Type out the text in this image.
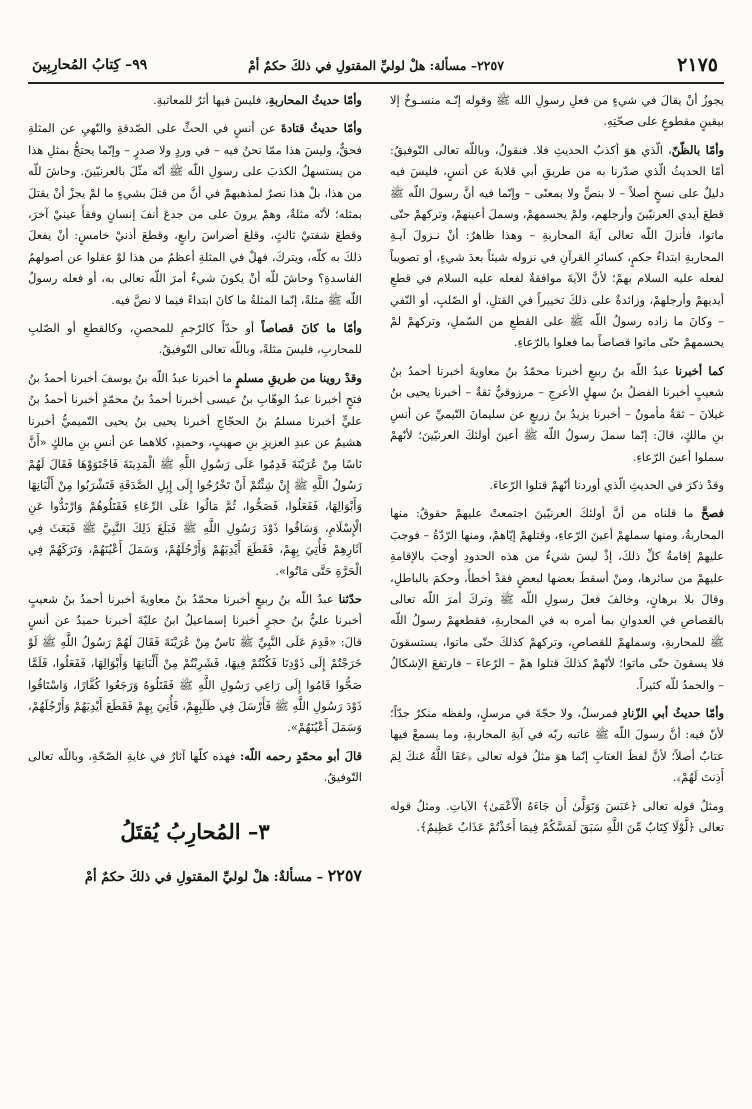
٢١٧٥
٢٢٥٧– مسألة: هلْ لوليِّ المقتولِ في ذلكَ حكمٌ أمْ
٩٩– كِتابُ المُحارِبِينَ

يجوزُ أنْ يقالَ في شيءٍ من فعلِ رسولِ الله ﷺ وقوله إنّـه منسـوخٌ إلا بيقينٍ مقطوعٍ على صحّتِهِ.

وأمّا بالظّنّ، الّذي هوَ أكذبُ الحديثِ فلا. فنقولُ، وباللّه تعالى التّوفيقُ: أمّا الحديثُ الّذي صدّرنا به من طريقِ أبي قلابةَ عن أنسٍ، فليسَ فيه دليلٌ على نسخٍ أصلاً – لا بنصٍّ ولا بمعنًى – وإنّما فيه أنَّ رسولَ اللّه ﷺ قطعَ أيدي العرنيّينَ وأرجلهم، ولمْ يحسمهمْ، وسملَ أعينهمْ، وتركهمْ حتّى ماتوا، فأنزلَ اللّه تعالى آيةَ المحاربةِ – وهذا ظاهرٌ: أنْ نـزولَ آيـةِ المحاربةِ ابتداءُ حكمٍ، كسائرِ القرآنِ في نزوله شيئاً بعدَ شيءٍ، أو تصويباً لفعله عليه السلام بهمْ؛ لأنَّ الآيةَ موافقةٌ لفعله عليه السلام في قطعِ أيديهمْ وأرجلهمْ، وزائدةٌ على ذلكَ تخييراً في القتلِ، أو الصّلبِ، أو النّفي – وكانَ ما زاده رسولُ اللّه ﷺ على القطعِ من السّملِ، وتركهمْ لمْ يحسمهمْ حتّى ماتوا قصاصاً بما فعلوا بالرّعاءِ.

كما أخبرنا عبدُ اللّه بنُ ربيعٍ أخبرنا محمّدُ بنُ معاويةَ أخبرنا أحمدُ بنُ شعيبٍ أخبرنا الفضلُ بنُ سهلٍ الأعرجِ – مرزوقيٌّ ثقةٌ – أخبرنا يحيى بنُ غيلانَ – ثقةٌ مأمونٌ – أخبرنا يزيدُ بنُ زريعٍ عن سليمانَ التّيميِّ عن أنسِ بنِ مالكٍ، قالَ: إنّما سملَ رسولُ اللّه ﷺ أعينَ أولئكَ العرنيّينَ؛ لأنّهمْ سملوا أعينَ الرّعاءِ.

وقدْ ذكرَ في الحديثِ الّذي أوردنا أنّهمْ قتلوا الرّعاءَ.

فصحَّ ما قلناه من أنَّ أولئكَ العرنيّينَ اجتمعتْ عليهمْ حقوقٌ: منها المحاربةُ، ومنها سملهمْ أعينَ الرّعاءِ، وقتلهمْ إيّاهمْ، ومنها الرّدّةُ – فوجبَ عليهمْ إقامةُ كلِّ ذلكَ، إذْ ليسَ شيءٌ من هذه الحدودِ أوجبَ بالإقامةِ عليهمْ من سائرها، ومنْ أسقطَ بعضها لبعضٍ فقدْ أخطأَ، وحكمَ بالباطلِ، وقالَ بلا برهانٍ، وخالفَ فعلَ رسولِ اللّه ﷺ وتركَ أمرَ اللّه تعالى بالقصاصِ في العدوانِ بما أمره به في المحاربةِ، فقطعهمْ رسولُ اللّه ﷺ للمحاربةِ، وسملهمْ للقصاصِ، وتركهمْ كذلكَ حتّى ماتوا، يستسقونَ فلا يسقونَ حتّى ماتوا؛ لأنّهمْ كذلكَ قتلوا همْ – الرّعاءَ – فارتفعَ الإشكالُ – والحمدُ للّه كثيراً.

وأمّا حديثُ أبي الزّنادِ فمرسلٌ، ولا حجّةَ في مرسلٍ، ولفظه منكرٌ جدّاً؛ لأنّ فيه: أنَّ رسولَ اللّه ﷺ عاتبه ربّه في آيةِ المحاربةِ، وما يسمعْ فيها عتابٌ أصلاً؛ لأنَّ لفظَ العتابِ إنّما هوَ مثلُ قوله تعالى ﴿عَفَا اللَّهُ عَنكَ لِمَ أَذِنتَ لَهُمْ﴾.

ومثلُ قوله تعالى ﴿عَبَسَ وَتَوَلَّىٰ أَن جَاءَهُ الْأَعْمَىٰ﴾ الآياتِ. ومثلُ قوله تعالى ﴿لَّوْلَا كِتَابٌ مِّنَ اللَّهِ سَبَقَ لَمَسَّكُمْ فِيمَا أَخَذْتُمْ عَذَابٌ عَظِيمٌ﴾.

وأمّا حديثُ المحاربةِ، فليسَ فيها أثرٌ للمعاتبةِ.

وأمّا حديثُ قتادةَ عن أنسٍ في الحثِّ على الصّدقةِ والنّهيِ عن المثلةِ فحقٌّ، وليسَ هذا ممّا نحنُ فيه – في وردٍ ولا صدرٍ – وإنّما يحتجُّ بمثلِ هذا من يستسهلُ الكذبَ على رسولِ اللّه ﷺ أنّه مثّلَ بالعرنيّينَ. وحاشَ للّه من هذا، بلْ هذا نصرٌ لمذهبهمْ في أنَّ من قتلَ بشيءٍ ما لمْ يجزْ أنْ يقتلَ بمثله؛ لأنّه مثلةٌ، وهمْ يرونَ على من جدعَ أنفَ إنسانٍ وفقأَ عينيْ آخرَ، وقطعَ شفتيْ ثالثٍ، وقلعَ أضراسَ رابعٍ، وقطعَ أذنيْ خامسٍ: أنْ يفعلَ ذلكَ به كلّه، ويتركَ، فهلْ في المثلةِ أعظمُ من هذا لوْ عقلوا عن أصولهمُ الفاسدةِ؟ وحاشَ للّه أنْ يكونَ شيءٌ أمرَ اللّه تعالى به، أو فعله رسولُ اللّه ﷺ مثلةً، إنّما المثلةُ ما كانَ ابتداءً فيما لا نصَّ فيه.

وأمّا ما كانَ قصاصاً أو حدّاً كالرّجمِ للمحصنِ، وكالقطعِ أو الصّلبِ للمحاربِ، فليسَ مثلةً، وباللّه تعالى التّوفيقُ.

وقدْ روينا من طريقِ مسلمٍ ما أخبرنا عبدُ اللّه بنُ يوسفَ أخبرنا أحمدُ بنُ فتحٍ أخبرنا عبدُ الوهّابِ بنُ عيسى أخبرنا أحمدُ بنُ محمّدٍ أخبرنا أحمدُ بنُ عليٍّ أخبرنا مسلمُ بنُ الحجّاجِ أخبرنا يحيى بنُ يحيى التّميميُّ أخبرنا هشيمٌ عن عبدِ العزيزِ بنِ صهيبٍ، وحميدٍ، كلاهما عن أنسِ بنِ مالكٍ «أَنَّ نَاسًا مِنْ عُرَيْنَةَ قَدِمُوا عَلَى رَسُولِ اللَّهِ ﷺ الْمَدِينَةَ فَاجْتَوَوْهَا فَقَالَ لَهُمْ رَسُولُ اللَّهِ ﷺ إِنْ شِئْتُمْ أَنْ تَخْرُجُوا إِلَى إِبِلِ الصَّدَقَةِ فَتَشْرَبُوا مِنْ أَلْبَانِهَا وَأَبْوَالِهَا، فَفَعَلُوا، فَصَحُّوا، ثُمَّ مَالُوا عَلَى الرِّعَاءِ فَقَتَلُوهُمْ وَارْتَدُّوا عَنِ الْإِسْلَامِ، وَسَاقُوا ذَوْدَ رَسُولِ اللَّهِ ﷺ فَبَلَغَ ذَلِكَ النَّبِيَّ ﷺ فَبَعَثَ فِي آثَارِهِمْ فَأُتِيَ بِهِمْ، فَقَطَعَ أَيْدِيَهُمْ وَأَرْجُلَهُمْ، وَسَمَلَ أَعْيُنَهُمْ، وَتَرَكَهُمْ فِي الْحَرَّةِ حَتَّى مَاتُوا».

حدّثنا عبدُ اللّه بنُ ربيعٍ أخبرنا محمّدُ بنُ معاويةَ أخبرنا أحمدُ بنُ شعيبٍ أخبرنا عليُّ بنُ حجرٍ أخبرنا إسماعيلُ ابنُ عليّةَ أخبرنا حميدٌ عن أنسٍ قالَ: «قَدِمَ عَلَى النَّبِيِّ ﷺ نَاسٌ مِنْ عُرَيْنَةَ فَقَالَ لَهُمْ رَسُولُ اللَّهِ ﷺ لَوْ خَرَجْتُمْ إِلَى ذَوْدِنَا فَكُنْتُمْ فِيهَا، فَشَرِبْتُمْ مِنْ أَلْبَانِهَا وَأَبْوَالِهَا، فَفَعَلُوا، فَلَمَّا صَحُّوا قَامُوا إِلَى رَاعِي رَسُولِ اللَّهِ ﷺ فَقَتَلُوهُ وَرَجَعُوا كُفَّارًا، وَاسْتَاقُوا ذَوْدَ رَسُولِ اللَّهِ ﷺ فَأَرْسَلَ فِي طَلَبِهِمْ، فَأُتِيَ بِهِمْ فَقَطَعَ أَيْدِيَهُمْ وَأَرْجُلَهُمْ، وَسَمَلَ أَعْيُنَهُمْ».

قالَ أبو محمّدٍ رحمه اللّه: فهذه كلّها آثارٌ في غايةِ الصّحّةِ، وباللّه تعالى التّوفيقُ.

٣– المُحارِبُ يُقتَلُ
٢٢٥٧ – مسألةٌ: هلْ لوليِّ المقتولِ في ذلكَ حكمٌ أمْ
